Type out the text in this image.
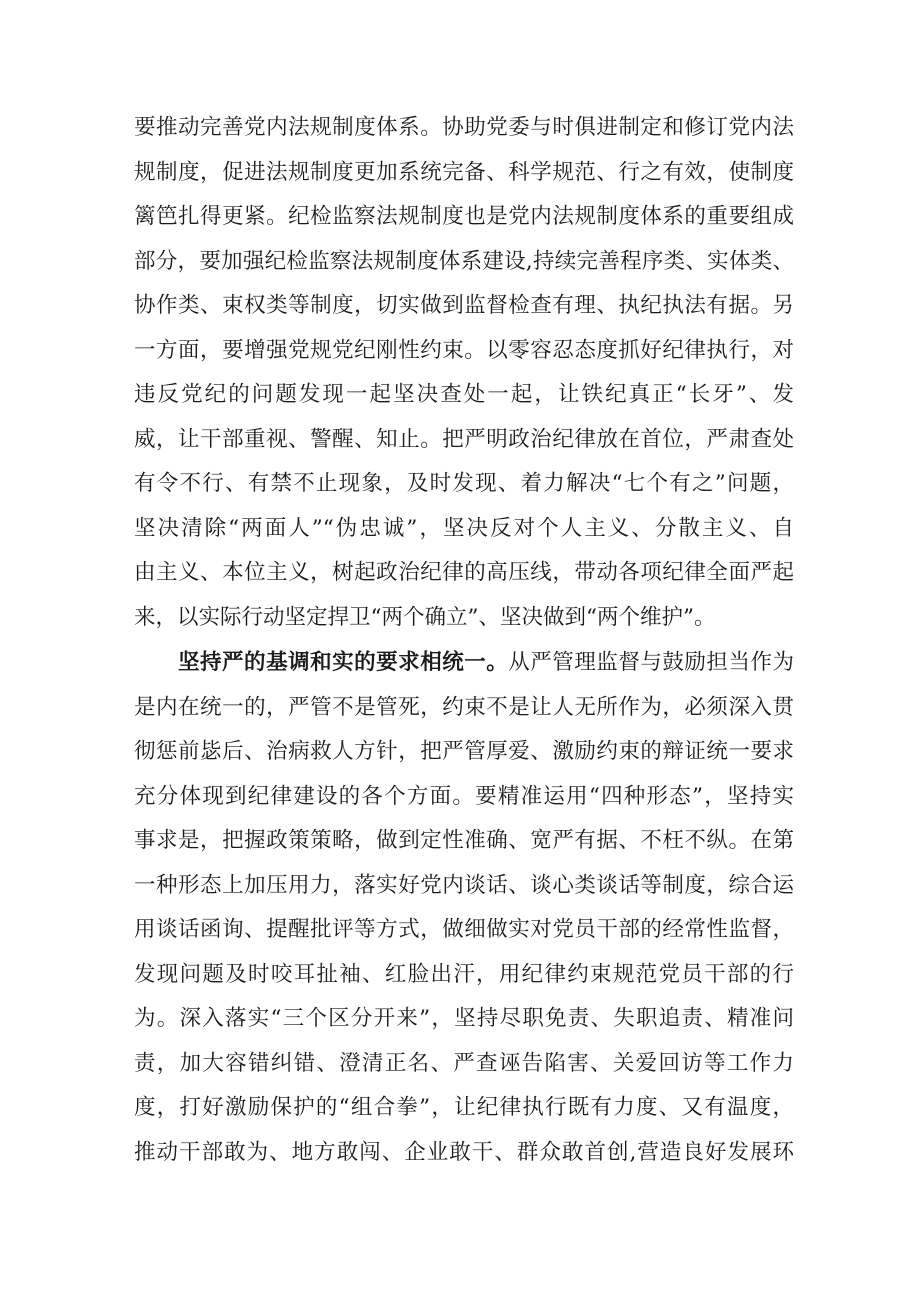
要推动完善党内法规制度体系。协助党委与时俱进制定和修订党内法
规制度，促进法规制度更加系统完备、科学规范、行之有效，使制度
篱笆扎得更紧。纪检监察法规制度也是党内法规制度体系的重要组成
部分，要加强纪检监察法规制度体系建设,持续完善程序类、实体类、
协作类、束权类等制度，切实做到监督检查有理、执纪执法有据。另
一方面，要增强党规党纪刚性约束。以零容忍态度抓好纪律执行，对
违反党纪的问题发现一起坚决查处一起，让铁纪真正“长牙”、发
威，让干部重视、警醒、知止。把严明政治纪律放在首位，严肃查处
有令不行、有禁不止现象，及时发现、着力解决“七个有之”问题，
坚决清除“两面人”“伪忠诚”，坚决反对个人主义、分散主义、自
由主义、本位主义，树起政治纪律的高压线，带动各项纪律全面严起
来，以实际行动坚定捍卫“两个确立”、坚决做到“两个维护”。
坚持严的基调和实的要求相统一。从严管理监督与鼓励担当作为
是内在统一的，严管不是管死，约束不是让人无所作为，必须深入贯
彻惩前毖后、治病救人方针，把严管厚爱、激励约束的辩证统一要求
充分体现到纪律建设的各个方面。要精准运用“四种形态”，坚持实
事求是，把握政策策略，做到定性准确、宽严有据、不枉不纵。在第
一种形态上加压用力，落实好党内谈话、谈心类谈话等制度，综合运
用谈话函询、提醒批评等方式，做细做实对党员干部的经常性监督，
发现问题及时咬耳扯袖、红脸出汗，用纪律约束规范党员干部的行
为。深入落实“三个区分开来”，坚持尽职免责、失职追责、精准问
责，加大容错纠错、澄清正名、严查诬告陷害、关爱回访等工作力
度，打好激励保护的“组合拳”，让纪律执行既有力度、又有温度，
推动干部敢为、地方敢闯、企业敢干、群众敢首创,营造良好发展环
